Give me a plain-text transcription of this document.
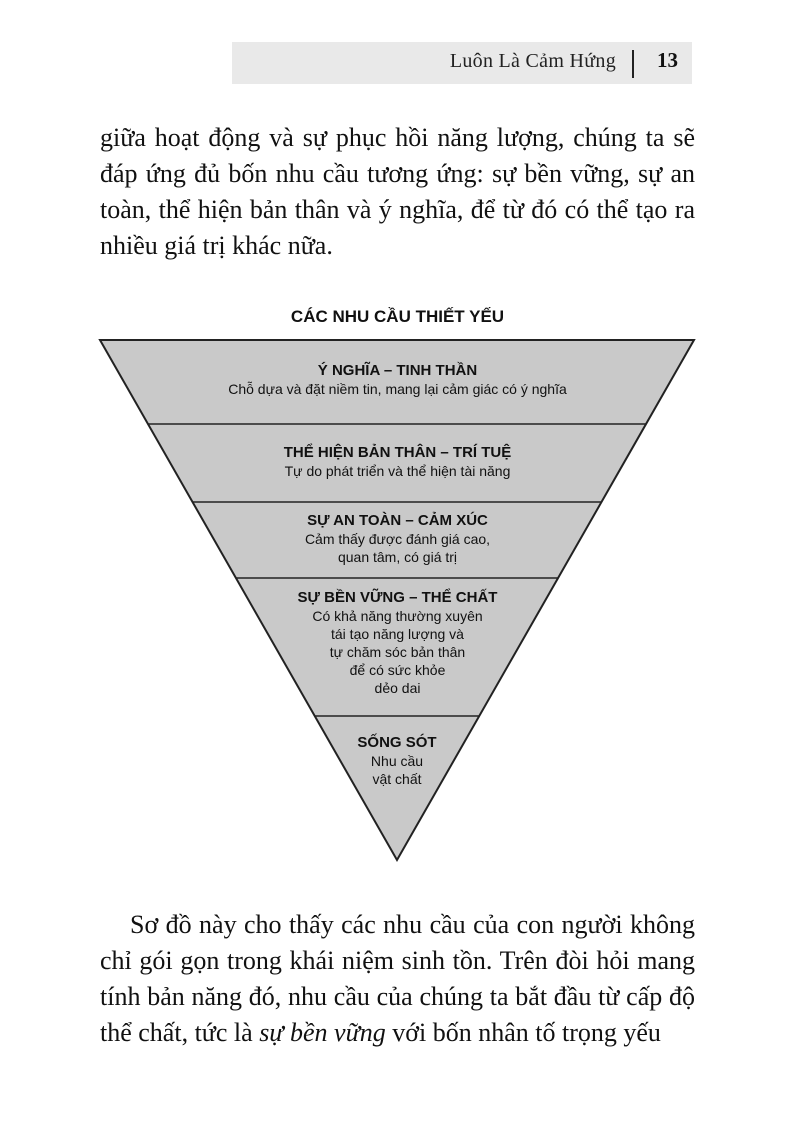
Luôn Là Cảm Hứng 13

giữa hoạt động và sự phục hồi năng lượng, chúng ta sẽ đáp ứng đủ bốn nhu cầu tương ứng: sự bền vững, sự an toàn, thể hiện bản thân và ý nghĩa, để từ đó có thể tạo ra nhiều giá trị khác nữa.

CÁC NHU CẦU THIẾT YẾU
Ý NGHĨA – TINH THẦN
Chỗ dựa và đặt niềm tin, mang lại cảm giác có ý nghĩa
THỂ HIỆN BẢN THÂN – TRÍ TUỆ
Tự do phát triển và thể hiện tài năng
SỰ AN TOÀN – CẢM XÚC
Cảm thấy được đánh giá cao,
quan tâm, có giá trị
SỰ BỀN VỮNG – THỂ CHẤT
Có khả năng thường xuyên
tái tạo năng lượng và
tự chăm sóc bản thân
để có sức khỏe
dẻo dai
SỐNG SÓT
Nhu cầu
vật chất

Sơ đồ này cho thấy các nhu cầu của con người không chỉ gói gọn trong khái niệm sinh tồn. Trên đòi hỏi mang tính bản năng đó, nhu cầu của chúng ta bắt đầu từ cấp độ thể chất, tức là sự bền vững với bốn nhân tố trọng yếu
